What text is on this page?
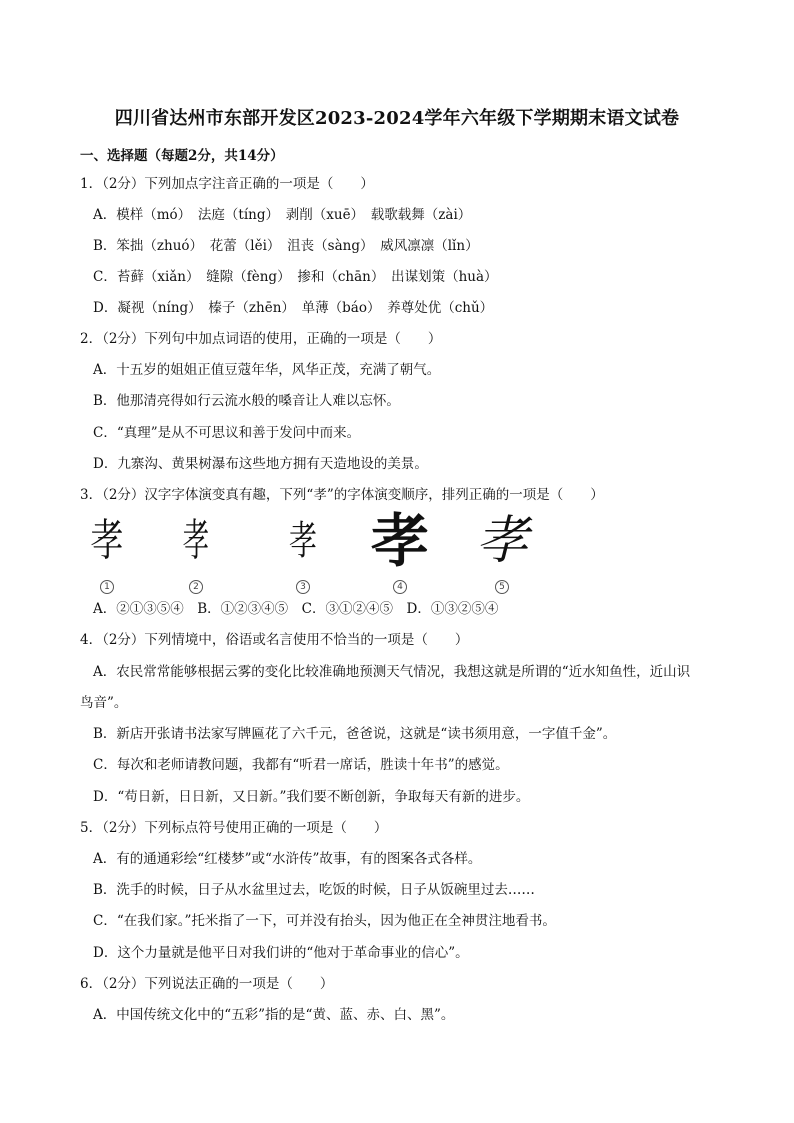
四川省达州市东部开发区2023-2024学年六年级下学期期末语文试卷
一、选择题（每题2分，共14分）
1．（2分）下列加点字注音正确的一项是（　　）
A．模样（mó）　法庭（tíng）　剥削（xuē）　载歌载舞（zài）
B．笨拙（zhuó）　花蕾（lěi）　沮丧（sàng）　威风凛凛（lǐn）
C．苔藓（xiǎn）　缝隙（fèng）　掺和（chān）　出谋划策（huà）
D．凝视（níng）　榛子（zhēn）　单薄（báo）　养尊处优（chǔ）
2．（2分）下列句中加点词语的使用，正确的一项是（　　）
A．十五岁的姐姐正值豆蔻年华，风华正茂，充满了朝气。
B．他那清亮得如行云流水般的嗓音让人难以忘怀。
C．“真理”是从不可思议和善于发问中而来。
D．九寨沟、黄果树瀑布这些地方拥有天造地设的美景。
3．（2分）汉字字体演变真有趣，下列“孝”的字体演变顺序，排列正确的一项是（　　）
孝
1
孝
2
孝
3
孝
4
孝
5
A．②①③⑤④　B．①②③④⑤　C．③①②④⑤　D．①③②⑤④
4．（2分）下列情境中，俗语或名言使用不恰当的一项是（　　）
A．农民常常能够根据云雾的变化比较准确地预测天气情况，我想这就是所谓的“近水知鱼性，近山识
鸟音”。
B．新店开张请书法家写牌匾花了六千元，爸爸说，这就是“读书须用意，一字值千金”。
C．每次和老师请教问题，我都有“听君一席话，胜读十年书”的感觉。
D．“苟日新，日日新，又日新。”我们要不断创新，争取每天有新的进步。
5．（2分）下列标点符号使用正确的一项是（　　）
A．有的通通彩绘“红楼梦”或“水浒传”故事，有的图案各式各样。
B．洗手的时候，日子从水盆里过去，吃饭的时候，日子从饭碗里过去……
C．“在我们家。”托米指了一下，可并没有抬头，因为他正在全神贯注地看书。
D．这个力量就是他平日对我们讲的“他对于革命事业的信心”。
6．（2分）下列说法正确的一项是（　　）
A．中国传统文化中的“五彩”指的是“黄、蓝、赤、白、黑”。
